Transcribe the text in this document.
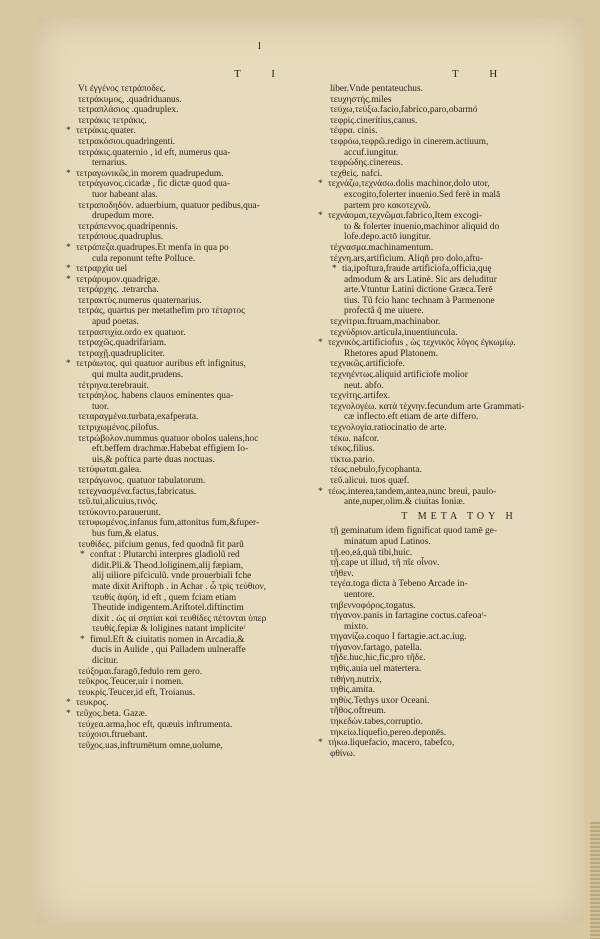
l
T I	T H
Vt ἐγγένος τετράποδες.
τετράκυμος, .quadriduanus.
τετραπλάσιος .quadruplex.
τετράκις τετράκις.
* τετράκις.quater.
τετρακόσιοι.quadringenti.
τετράκις.quaternio , id eft, numerus qua-
ternarius.
* τετραγωνικῶς.in morem quadrupedum.
τετράγωνος.cicadæ , fic dictæ quod qua-
tuor habeant alas.
τετραποδηδόν. aduerbium, quatuor pedibus,qua-
drupedum more.
τετράπεννος.quadripennis.
τετράπους.quadruplus.
* τετράπεζα.quadrupes.Et menfa in qua po
cula reponunt tefte Polluce.
* τετραρχία uel
* τετράρυμον.quadrigæ.
τετράρχης. .tetrarcha.
τετρακτὺς.numerus quaternarius.
τετράς, quartus per metathefim pro τέταρτος
apud poetas.
τετραστιχία.ordo ex quatuor.
τετραχῶς.quadrifariam.
τετραχῇ.quadrupliciter.
* τετράωτος. qui quatuor auribus eft infignitus,
qui multa audit,prudens.
τέτρηνα.terebrauit.
τετράηλος. habens clauos eminentes qua-
tuor.
τεταραγμένα.turbata,exafperata.
τετριχωμένος.pilofus.
τετρώβολον.nummus quatuor obolos ualens,hoc
eft.beffem drachmæ.Habebat effigiem Io-
uis,& poftica parte duas noctuas.
τετύφωται.galea.
τετράγωνος. quatuor tabulatorum.
τετεχνασμένα.factus,fabricatus.
τεῦ.tui,alicuius,τινός.
τετύκοντο.parauerunt.
τετυφωμένος.infanus fum,attonitus fum,&fuper-
bus fum,& elatus.
τευθίδες. pifcium genus, fed quodnã fit parũ
* conftat : Plutarchi interpres gladiolũ red
didit.Pli.& Theod.loliginem,alij fæpiam,
alij uiliore pifciculũ. vnde prouerbiali fche
mate dixit Ariftoph . in Achar . ὦ τρὶς τεύθιον,
τευθίς ἀφύη, id eft , quem fciam etiam
Theutide indigentem.Ariftotel.diftinctim
dixit . ὡς αἱ σηπίαι καὶ τευθίδες πέτονται ὑπερ
τευθίς.fepiæ & loligines natant impliciteʳ
* fimul.Eft & ciuitatis nomen in Arcadia,&
ducis in Aulide , qui Palladem uulneraffe
dicitur.
τεύξομαι.faragō,fedulo rem gero.
τεῦκρος.Teucer,uir i nomen.
τευκρίς.Teucer,id eft, Troianus.
* τευκρος.
* τεῦχος.beta. Gazæ.
τεύχεα.arma,hoc eft, quæuis inftrumenta.
τεύχοισι.ftruebant.
τεῦχος.uas,inftrumētum omne,uolume,
liber.Vnde pentateuchus.
τευχηστής.miles
τεύχω,τεύξω.facio,fabrico,paro,obarmó
τεφρὶς.cinerítius,canus.
τέφρα. cinis.
τεφρόω,τεφρῶ.redigo in cinerem.actiuum,
accuf.iungitur.
τεφρώδης.cinereus.
τεχθεὶς. nafci.
* τεχνάζω,τεχνάσω.dolis machinor,dolo utor,
excogito,folerter inuenio.Sed ferè in malā
partem pro κακοτεχνῶ.
* τεχνάομαι,τεχνῶμαι.fabrico,Item excogi-
to & folerter inuenio,machinor aliquid do
lofe.depo.actō iungitur.
τέχνασμα.machinamentum.
τέχνη.ars,artificium. Aliqñ pro dolo,aftu-
* tia,ipoftura,fraude artificiofa,officia,quę
admodum & ars Latinè. Sic ars deluditur
arte.Vtuntur Latini dictione Græca.Terē
tius. Tũ fcio hanc technam à Parmenone
profectã q̃ me uiuere.
τεχνίτρια.ftruam,machinabor.
τεχνύδριον.articula,inuentiuncula.
* τεχνικὸς.artificiofus , ὡς τεχνικὸς λόγος ἐγκωμίῳ.
Rhetores apud Platonem.
τεχνικῶς.artificiofe.
τεχνηέντως.aliquid artificiofe molior
neut. abfo.
τεχνίτης.artifex.
τεχνολογέω. κατὰ τέχνην.fecundum arte Grammati-
cæ inflecto.eft etiam de arte differo.
τεχνολογία.ratiocinatio de arte.
τέκω. nafcor.
τέκος.filius.
τίκτω.pario.
τέως.nebulo,fycophanta.
τεῦ.alicui. tuos quæf.
* τέως.interea,tandem,antea,nunc breui, paulo-
ante,nuper,olim.& ciuitas Ioniæ.
T META TOY H
τῇ geminatum idem fignificat quod tamē ge-
minatum apud Latinos.
τῇ.eo,eá,quà tibi,huic.
τῇ.cape ut illud, τῆ πῖε οἶνον.
τῆθεν.
τεγέα.toga dicta à Tebeno Arcade in-
uentore.
τηβεννοφόρος.togatus.
τήγανον.panis in fartagine coctus.cafeoaʳ-
mixto.
τηγανίζω.coquo I fartagie.act.ac.iug.
τήγανον.fartago, patella.
τῇδε.huc,hic,fic,pro τῆδε.
τηθὶς.auia uel matertera.
τιθήνη.nutrix,
τηθὶς.amita.
τηθὺς.Tethys uxor Oceani.
τῆθος.oftreum.
τηκεδὼν.tabes,corruptio.
τηκείω.liquefio,pereo.deponēs.
* τήκω.liquefacio, macero, tabefco,
φθίνω.
